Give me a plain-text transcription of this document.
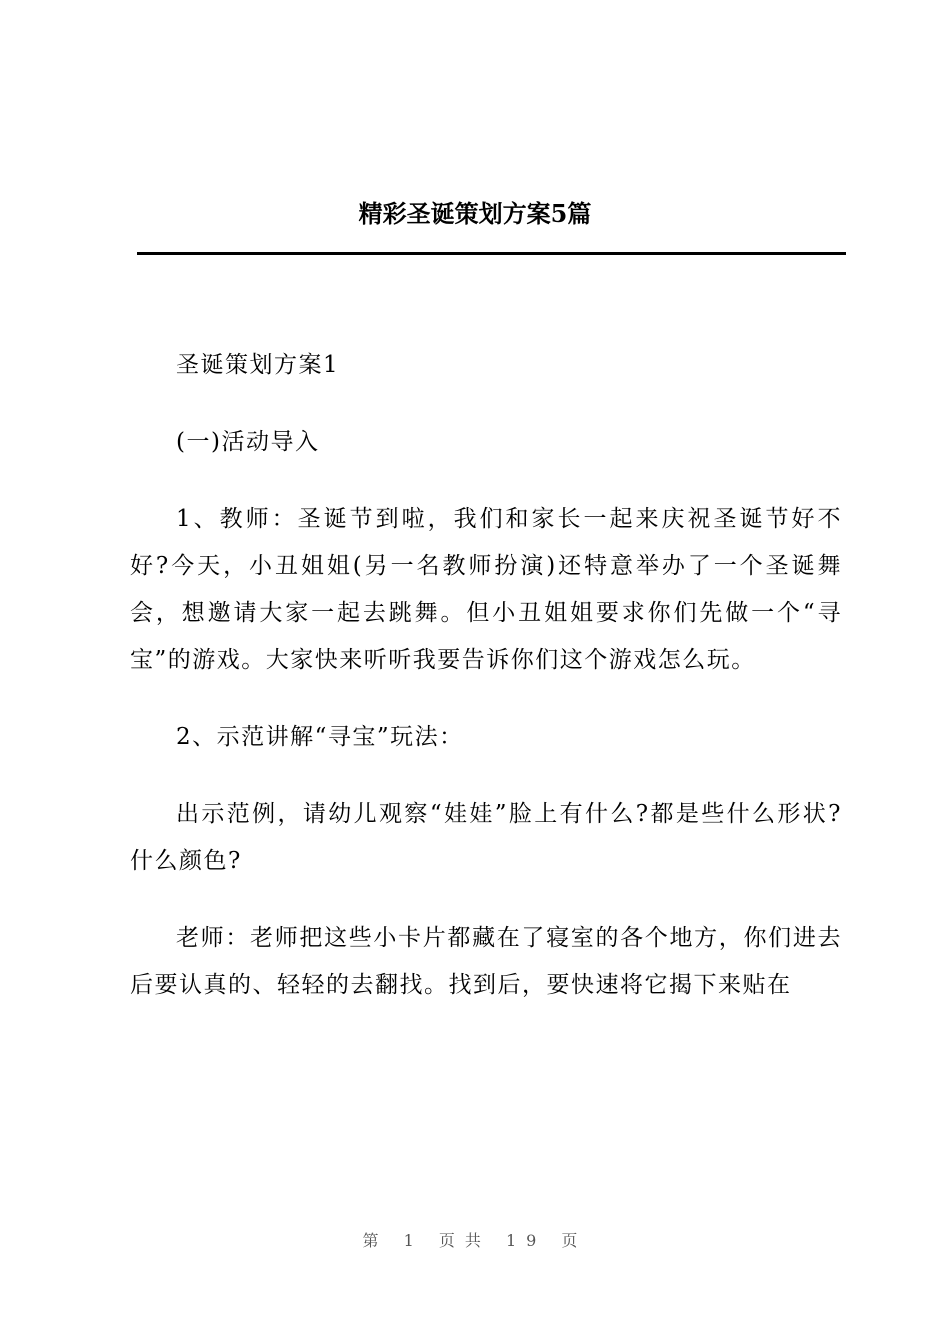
精彩圣诞策划方案5篇

圣诞策划方案1

(一)活动导入

1、教师：圣诞节到啦，我们和家长一起来庆祝圣诞节好不好?今天，小丑姐姐(另一名教师扮演)还特意举办了一个圣诞舞会，想邀请大家一起去跳舞。但小丑姐姐要求你们先做一个“寻宝”的游戏。大家快来听听我要告诉你们这个游戏怎么玩。

2、示范讲解“寻宝”玩法：

出示范例，请幼儿观察“娃娃”脸上有什么?都是些什么形状?什么颜色?

老师：老师把这些小卡片都藏在了寝室的各个地方，你们进去后要认真的、轻轻的去翻找。找到后，要快速将它揭下来贴在

第 1 页共 19 页
